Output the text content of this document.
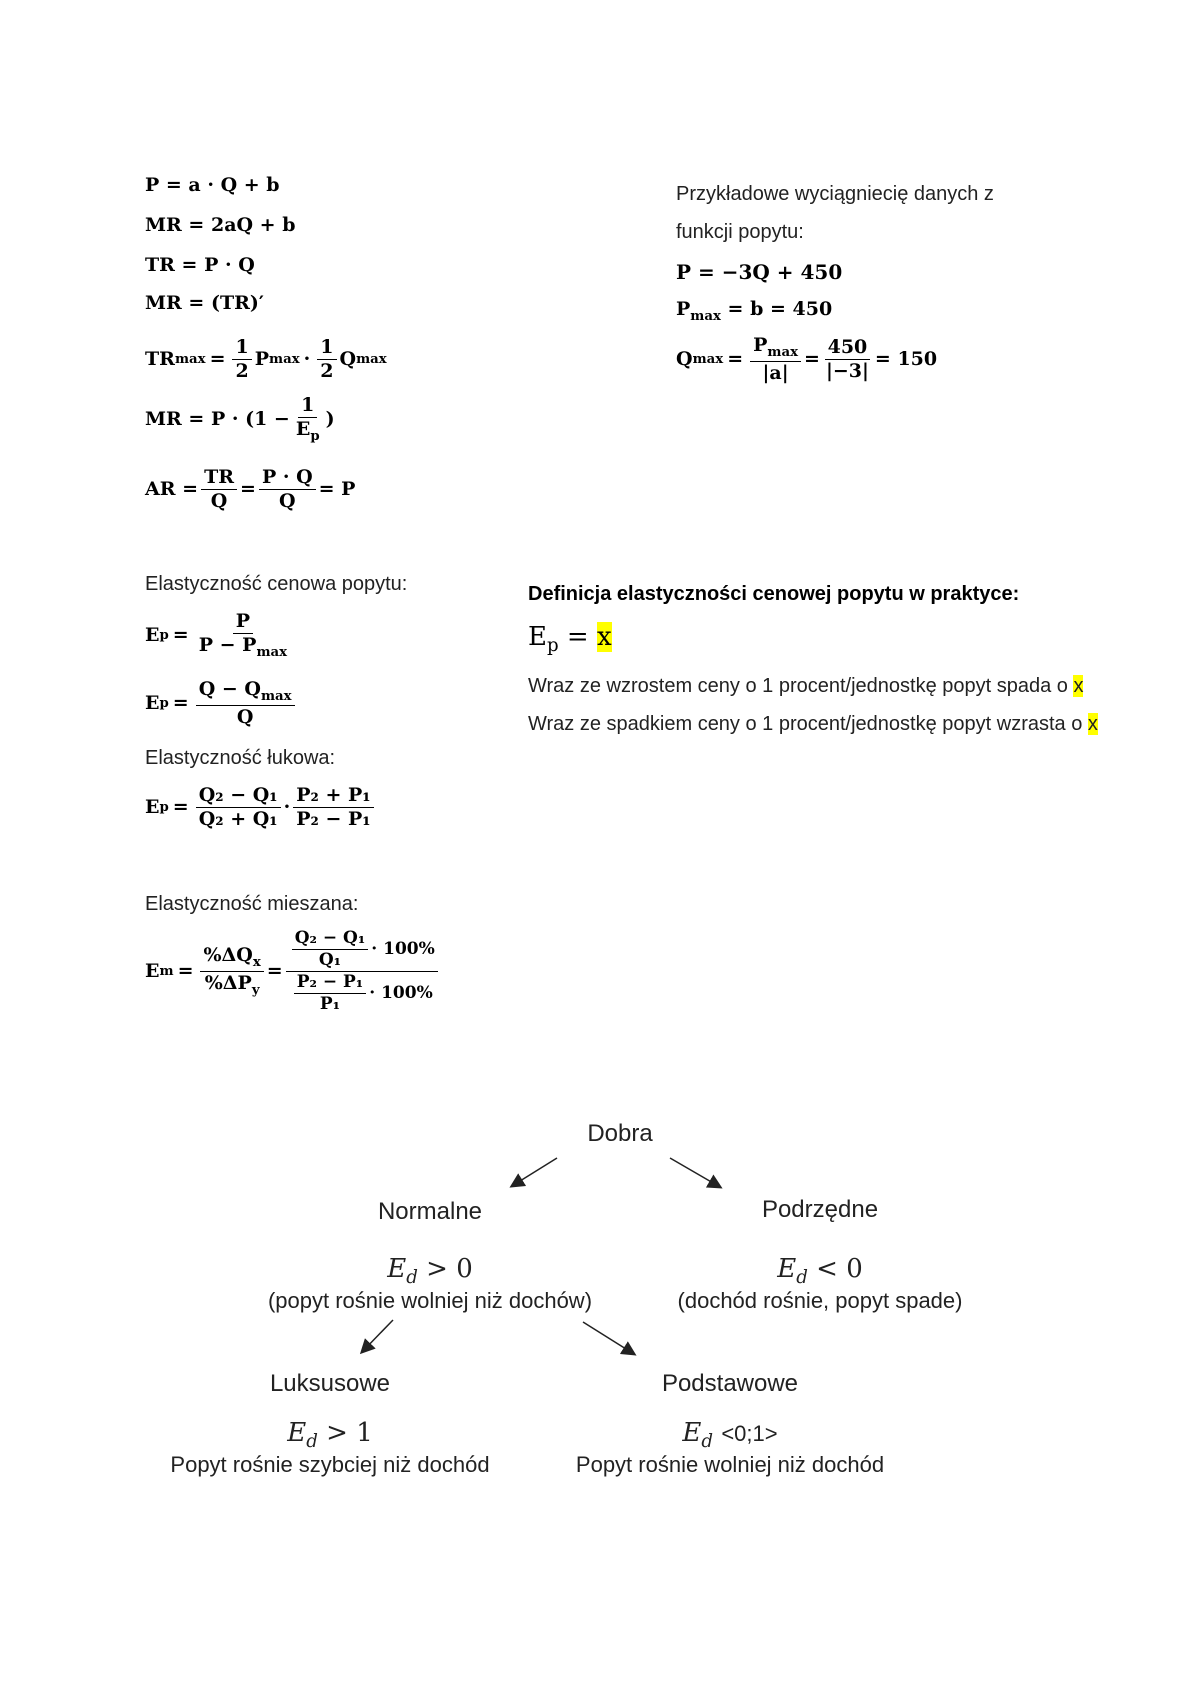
P = a · Q + b
MR = 2aQ + b
TR = P · Q
MR = (TR)′
TR $\max = \frac{1}{2}$ P $\max \cdot \frac{1}{2}$ Q max
MR = $P \cdot (1 - \frac{1}{E_p}$ )
AR = $\frac{TR}{Q} = \frac{P \cdot Q}{Q} = P$
Przykładowe wyciągniecię danych z
funkcji popytu:
P = −3Q + 450
$P_{max} = b = 450$
Q $\max = \frac{P_{max}}{|a|} = \frac{450}{|-3|} = 150$
Elastyczność cenowa popytu:
E $p = \frac{P}{P - P_{max}}$
E $p = \frac{Q - Q_{max}}{Q}$
Elastyczność łukowa:
E $p = \frac{\text{Q₂ − Q₁}}{\text{Q₂ + Q₁}} \cdot \frac{\text{P₂ + P₁}}{\text{P₂ − P₁}}$
Elastyczność mieszana:
E $m = \frac{\%\Delta Q_x}{\%\Delta P_y} = \frac{\frac{\text{Q₂ − Q₁}}{\text{Q₁}} \cdot 100\%}{\frac{\text{P₂ − P₁}}{\text{P₁}} \cdot 100\%}$
Definicja elastyczności cenowej popytu w praktyce:
$E_p = x$
Wraz ze wzrostem ceny o 1 procent/jednostkę popyt spada o x
Wraz ze spadkiem ceny o 1 procent/jednostkę popyt wzrasta o x
Dobra
Normalne
$E_d > 0$
(popyt rośnie wolniej niż dochów)
Podrzędne
$E_d < 0$
(dochód rośnie, popyt spade)
Luksusowe
$E_d > 1$
Popyt rośnie szybciej niż dochód
Podstawowe
$E_d$ <0;1>
Popyt rośnie wolniej niż dochód
